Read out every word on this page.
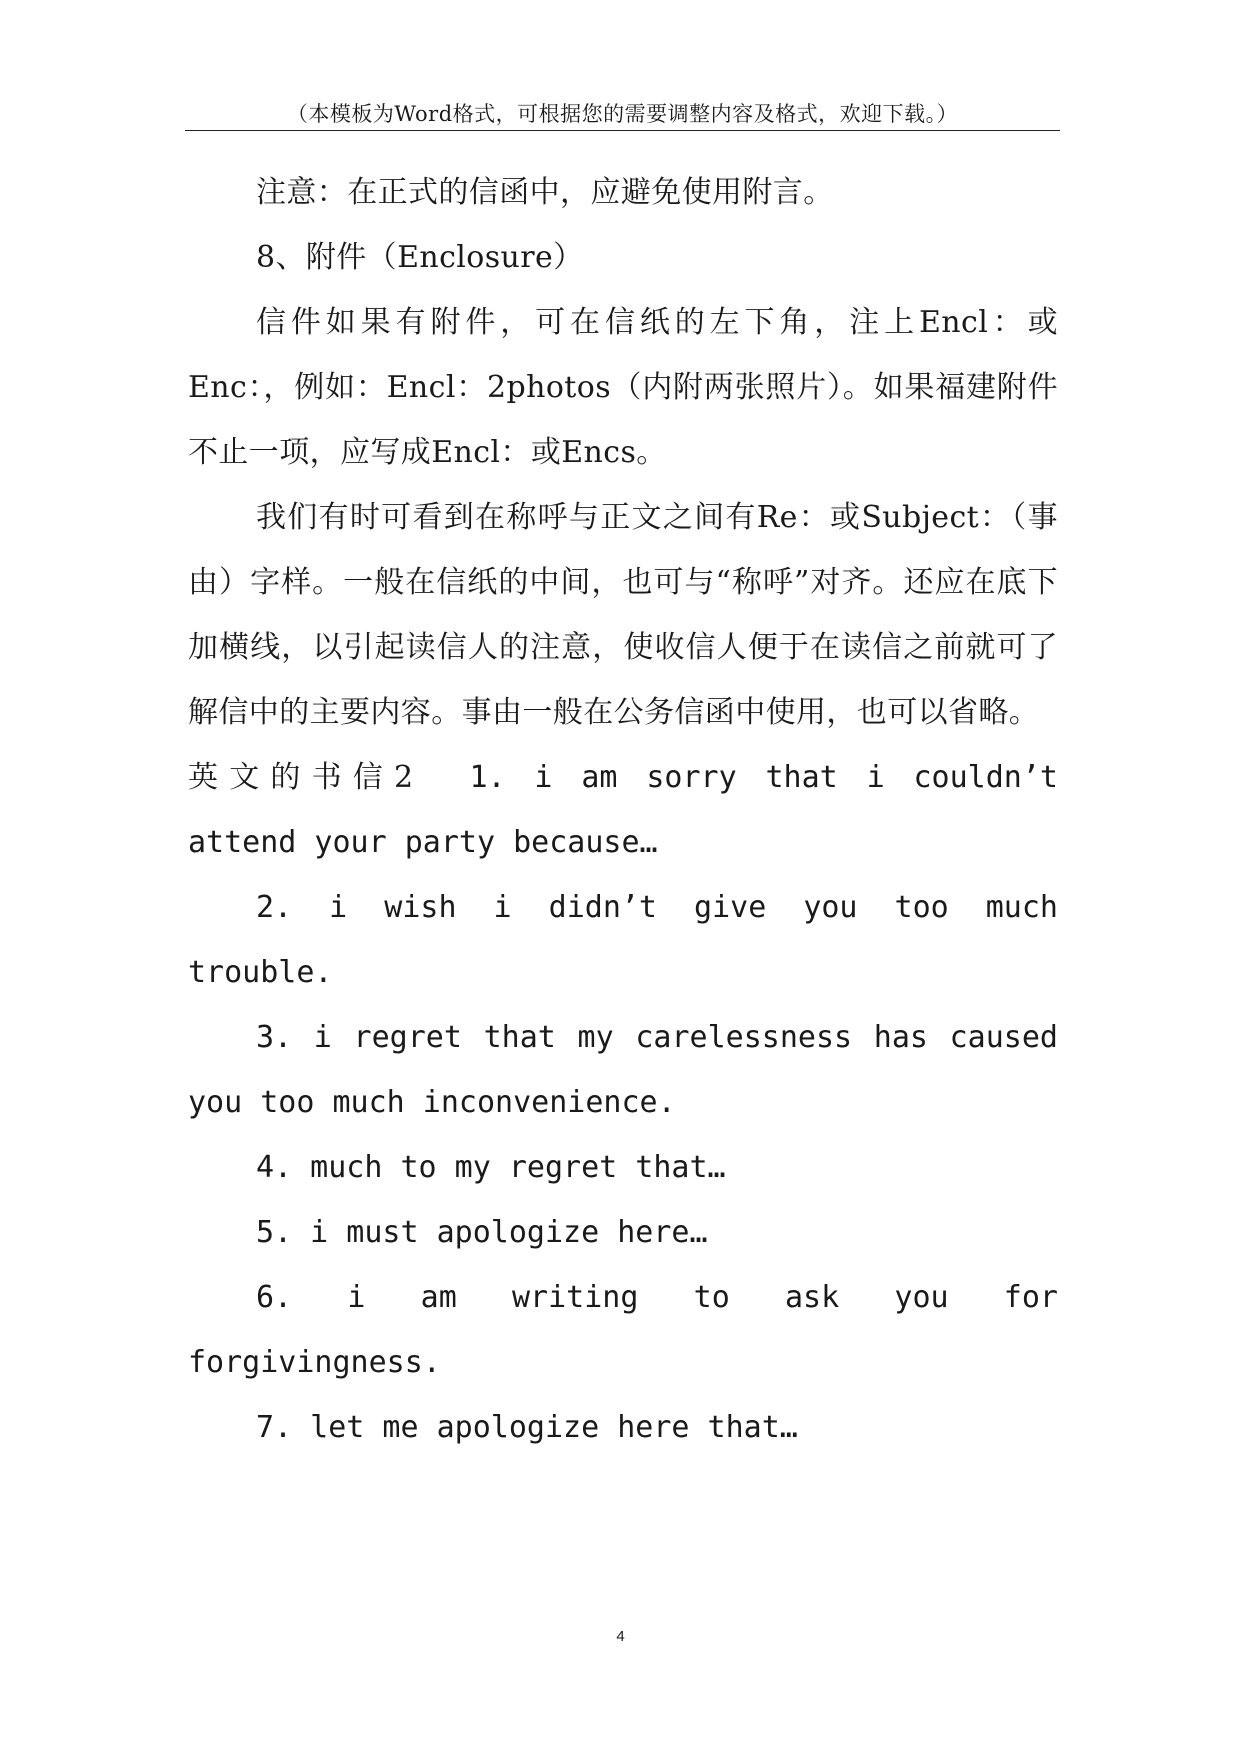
（本模板为Word格式，可根据您的需要调整内容及格式，欢迎下载。）

注意：在正式的信函中，应避免使用附言。

8、附件（Enclosure）

信件如果有附件，可在信纸的左下角，注上Encl：或Enc：，例如：Encl：2photos（内附两张照片）。如果福建附件不止一项，应写成Encl：或Encs。

我们有时可看到在称呼与正文之间有Re：或Subject：（事由）字样。一般在信纸的中间，也可与“称呼”对齐。还应在底下加横线，以引起读信人的注意，使收信人便于在读信之前就可了解信中的主要内容。事由一般在公务信函中使用，也可以省略。

英文的书信2 1. i am sorry that i couldn’t attend your party because…

2. i wish i didn’t give you too much trouble.

3. i regret that my carelessness has caused you too much inconvenience.

4. much to my regret that…

5. i must apologize here…

6. i am writing to ask you for forgivingness.

7. let me apologize here that…

4
